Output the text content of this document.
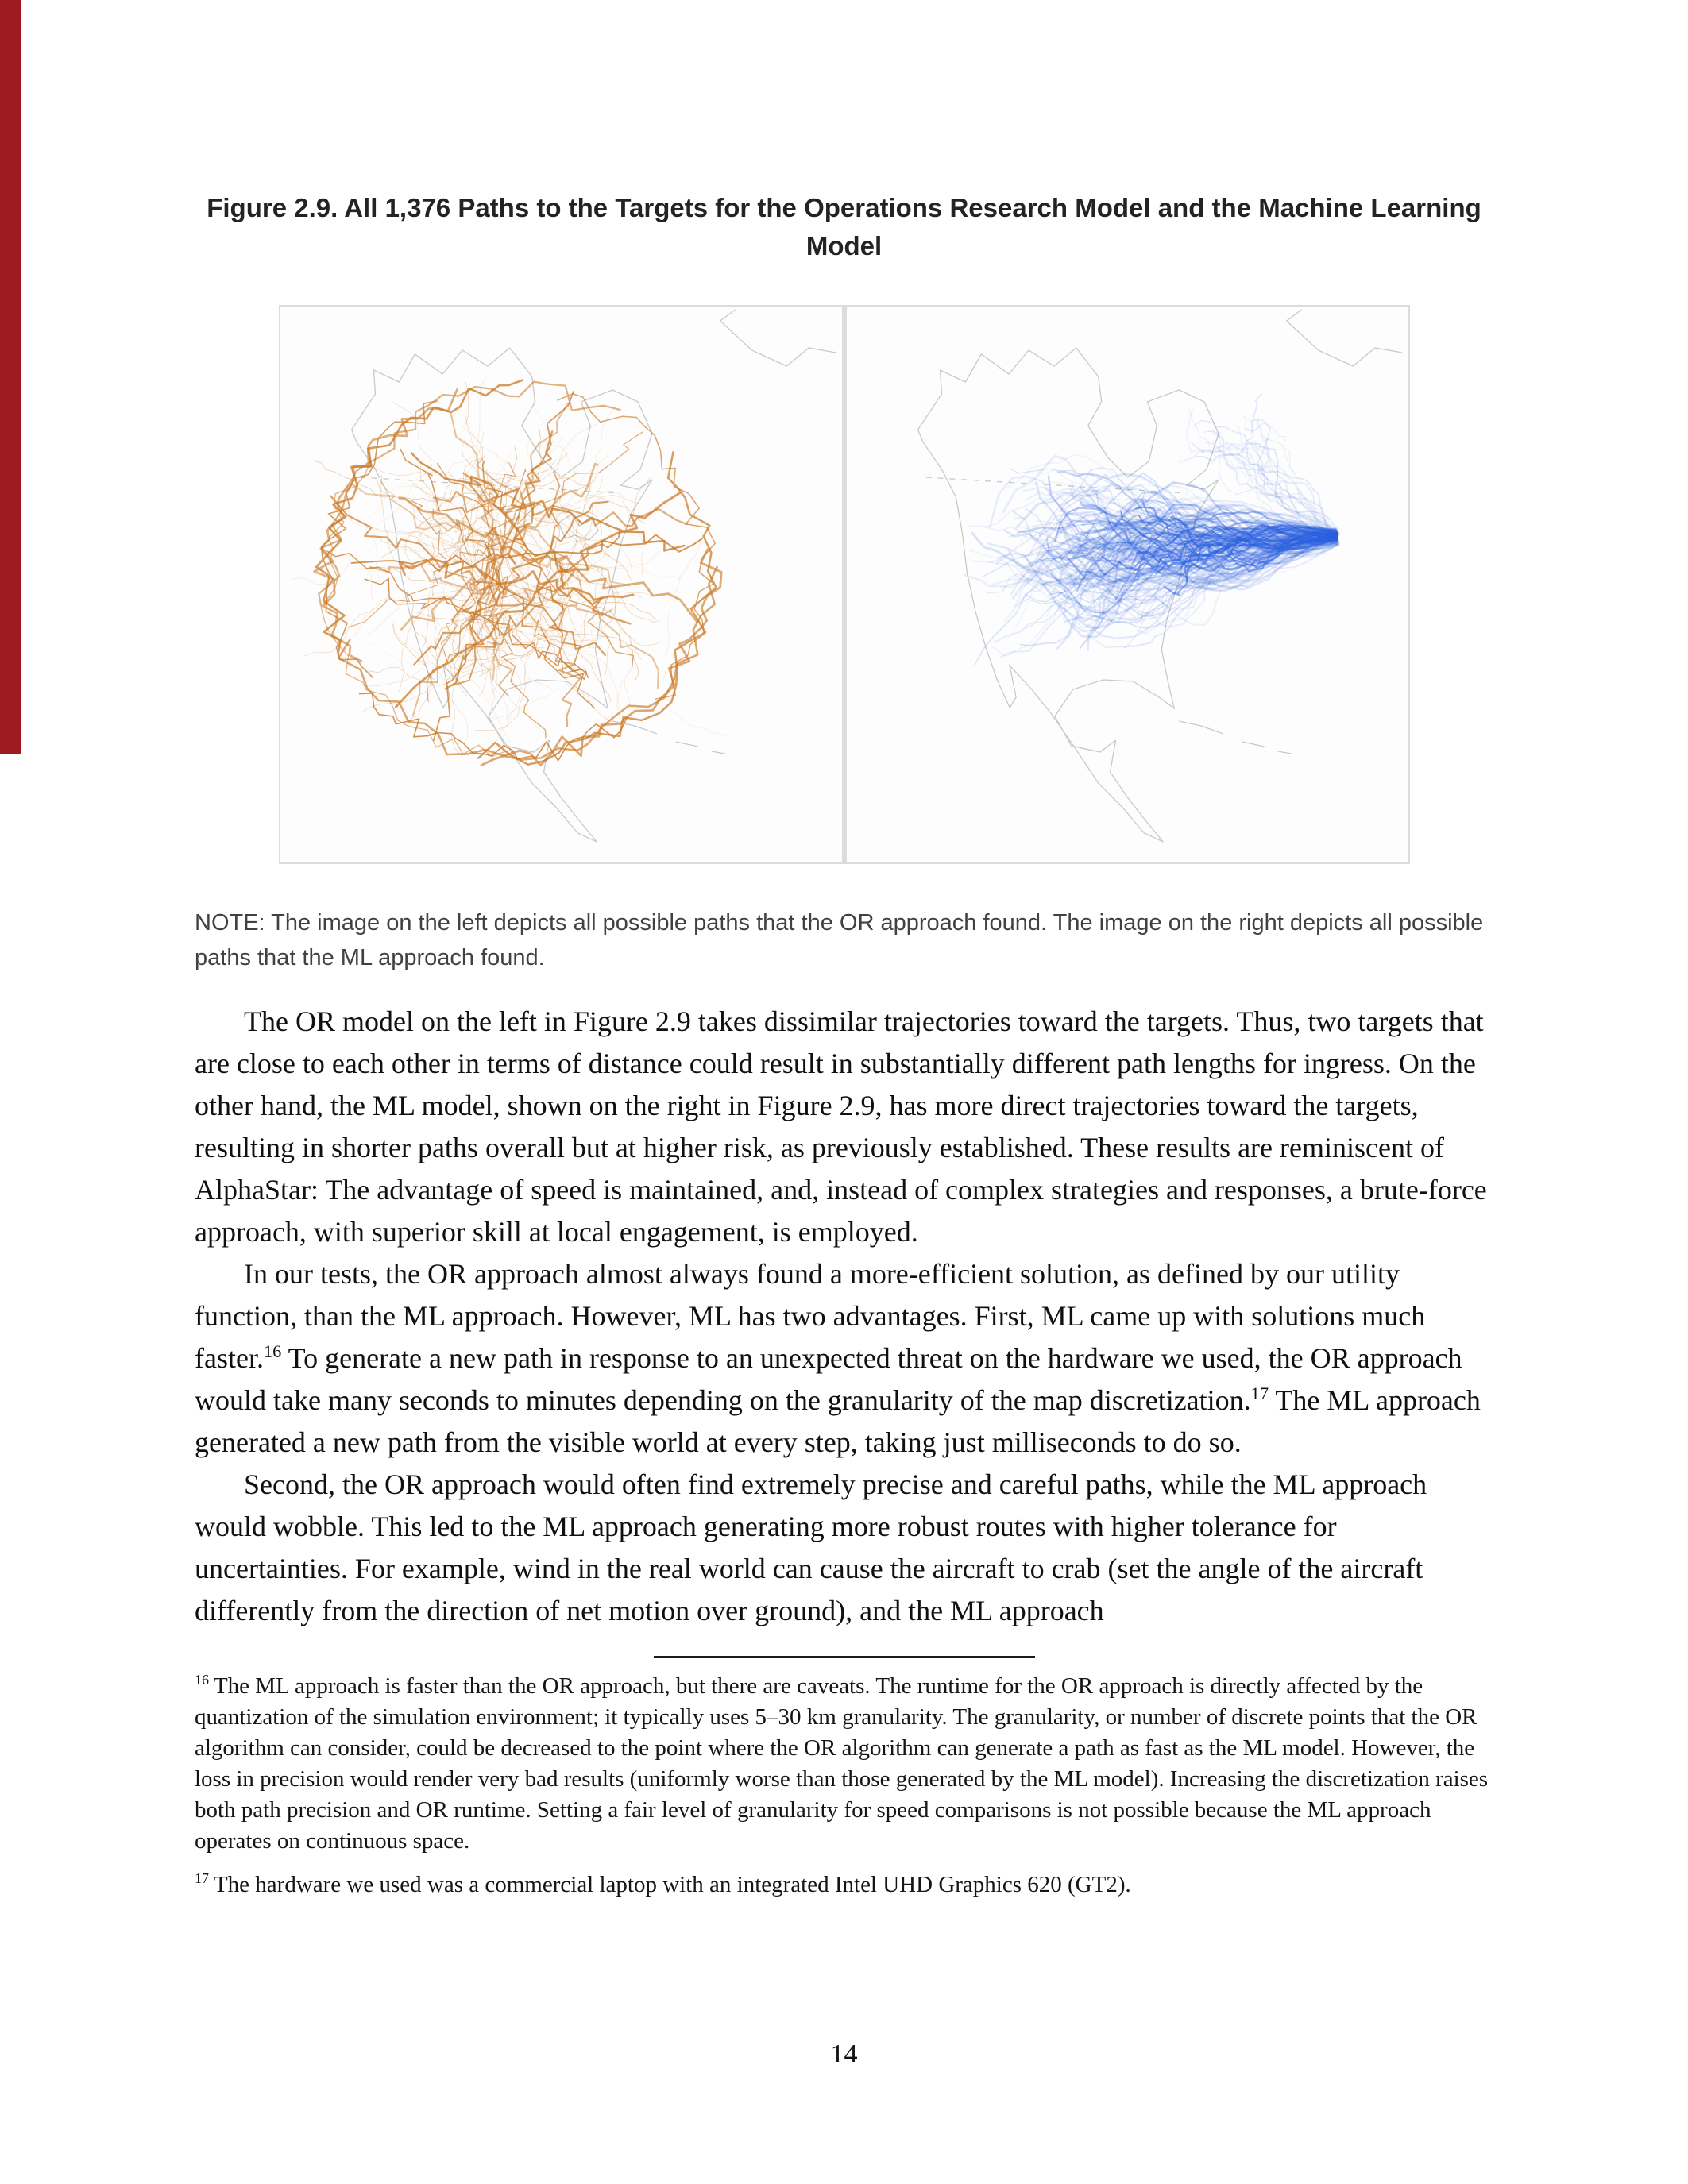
Figure 2.9. All 1,376 Paths to the Targets for the Operations Research Model and the Machine Learning Model
NOTE: The image on the left depicts all possible paths that the OR approach found. The image on the right depicts all possible paths that the ML approach found.

The OR model on the left in Figure 2.9 takes dissimilar trajectories toward the targets. Thus, two targets that are close to each other in terms of distance could result in substantially different path lengths for ingress. On the other hand, the ML model, shown on the right in Figure 2.9, has more direct trajectories toward the targets, resulting in shorter paths overall but at higher risk, as previously established. These results are reminiscent of AlphaStar: The advantage of speed is maintained, and, instead of complex strategies and responses, a brute-force approach, with superior skill at local engagement, is employed.

In our tests, the OR approach almost always found a more-efficient solution, as defined by our utility function, than the ML approach. However, ML has two advantages. First, ML came up with solutions much faster.$^{16}$ To generate a new path in response to an unexpected threat on the hardware we used, the OR approach would take many seconds to minutes depending on the granularity of the map discretization.$^{17}$ The ML approach generated a new path from the visible world at every step, taking just milliseconds to do so.

Second, the OR approach would often find extremely precise and careful paths, while the ML approach would wobble. This led to the ML approach generating more robust routes with higher tolerance for uncertainties. For example, wind in the real world can cause the aircraft to crab (set the angle of the aircraft differently from the direction of net motion over ground), and the ML approach

$^{16}$ The ML approach is faster than the OR approach, but there are caveats. The runtime for the OR approach is directly affected by the quantization of the simulation environment; it typically uses 5–30 km granularity. The granularity, or number of discrete points that the OR algorithm can consider, could be decreased to the point where the OR algorithm can generate a path as fast as the ML model. However, the loss in precision would render very bad results (uniformly worse than those generated by the ML model). Increasing the discretization raises both path precision and OR runtime. Setting a fair level of granularity for speed comparisons is not possible because the ML approach operates on continuous space.

$^{17}$ The hardware we used was a commercial laptop with an integrated Intel UHD Graphics 620 (GT2).

14
